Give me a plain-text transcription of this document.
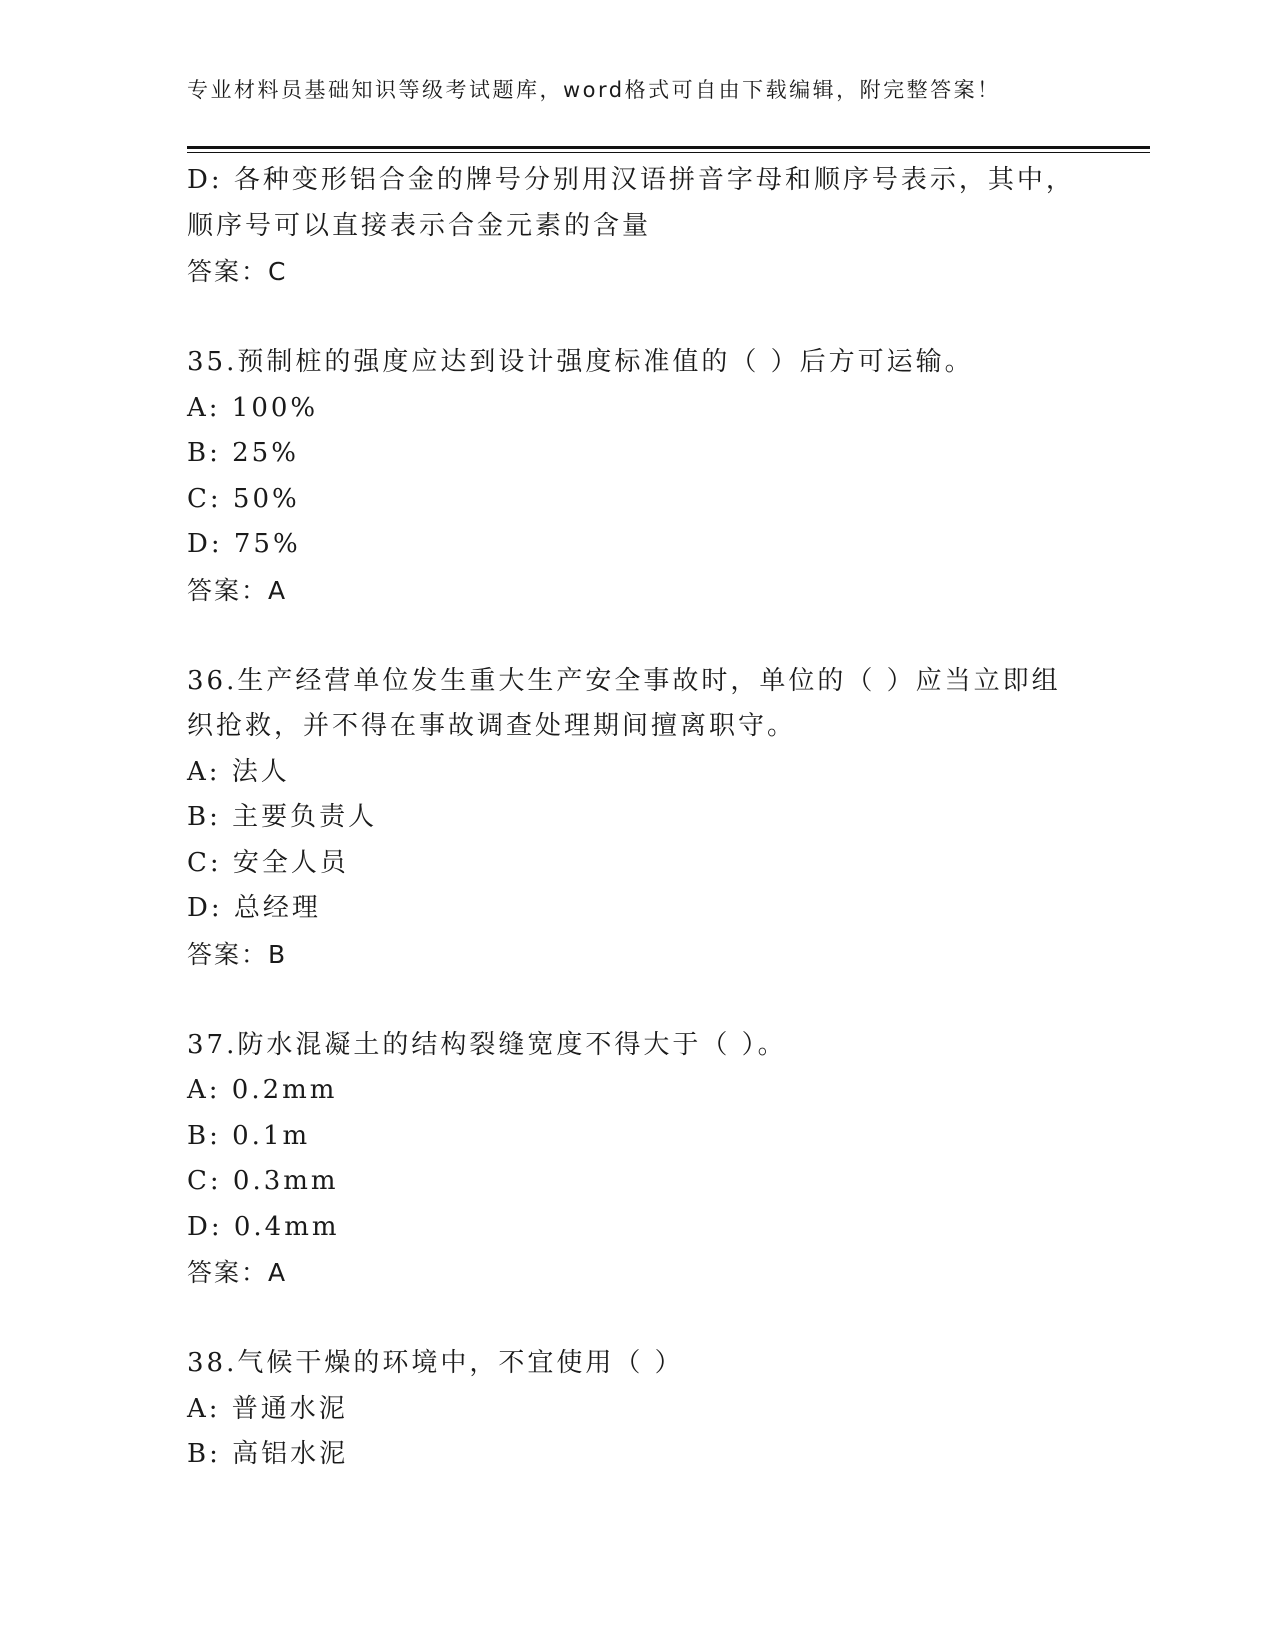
专业材料员基础知识等级考试题库，word格式可自由下载编辑，附完整答案！
D: 各种变形铝合金的牌号分别用汉语拼音字母和顺序号表示，其中，
顺序号可以直接表示合金元素的含量
答案：C
35.预制桩的强度应达到设计强度标准值的（ ）后方可运输。
A: 100%
B: 25%
C: 50%
D: 75%
答案：A
36.生产经营单位发生重大生产安全事故时，单位的（ ）应当立即组
织抢救，并不得在事故调查处理期间擅离职守。
A: 法人
B: 主要负责人
C: 安全人员
D: 总经理
答案：B
37.防水混凝土的结构裂缝宽度不得大于（ ）。
A: 0.2mm
B: 0.1m
C: 0.3mm
D: 0.4mm
答案：A
38.气候干燥的环境中，不宜使用（ ）
A: 普通水泥
B: 高铝水泥
